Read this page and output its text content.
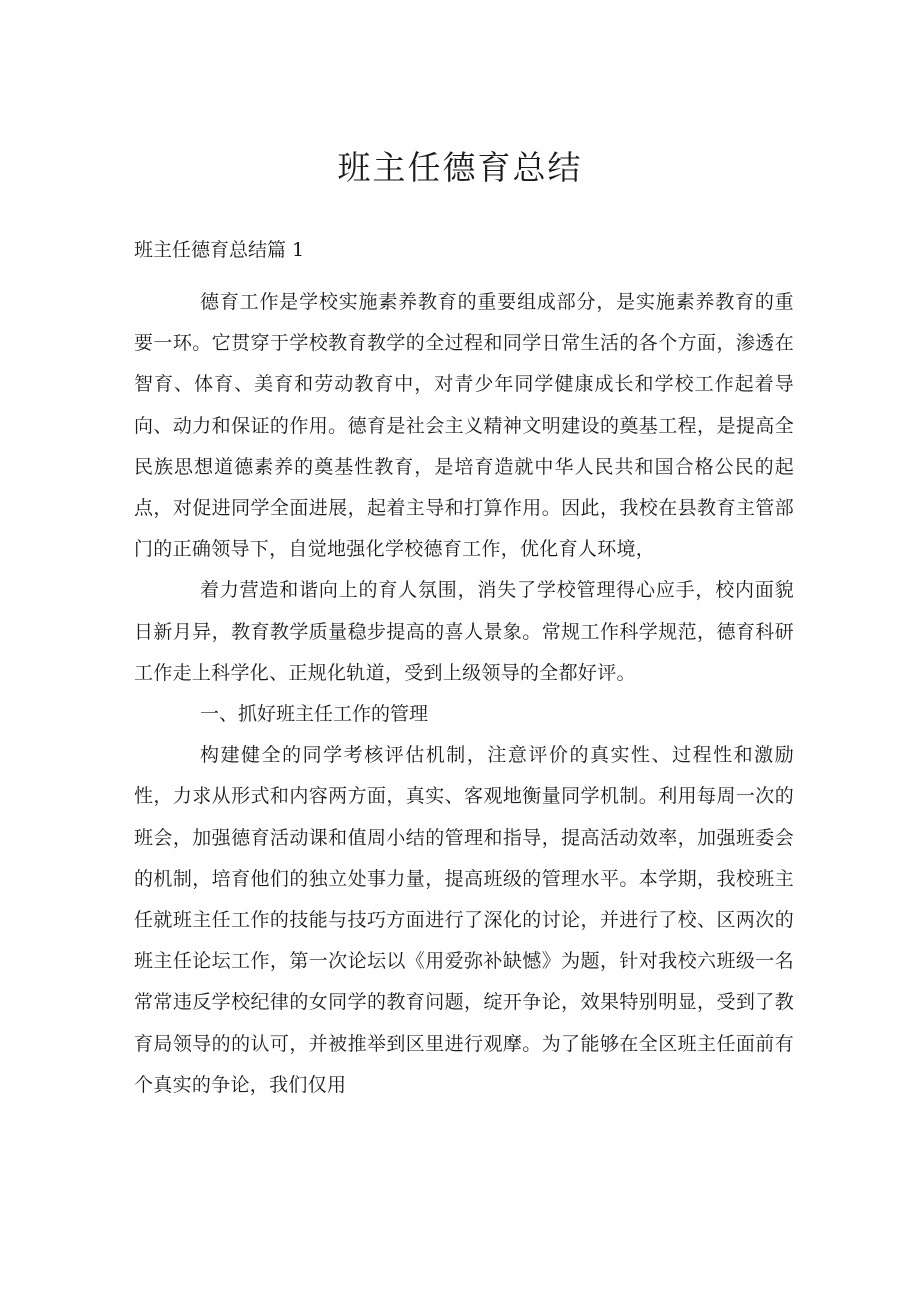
班主任德育总结
班主任德育总结篇 1

德育工作是学校实施素养教育的重要组成部分，是实施素养教育的重要一环。它贯穿于学校教育教学的全过程和同学日常生活的各个方面，渗透在智育、体育、美育和劳动教育中，对青少年同学健康成长和学校工作起着导向、动力和保证的作用。德育是社会主义精神文明建设的奠基工程，是提高全民族思想道德素养的奠基性教育，是培育造就中华人民共和国合格公民的起点，对促进同学全面进展，起着主导和打算作用。因此，我校在县教育主管部门的正确领导下，自觉地强化学校德育工作，优化育人环境，

着力营造和谐向上的育人氛围，消失了学校管理得心应手，校内面貌日新月异，教育教学质量稳步提高的喜人景象。常规工作科学规范，德育科研工作走上科学化、正规化轨道，受到上级领导的全都好评。

一、抓好班主任工作的管理

构建健全的同学考核评估机制，注意评价的真实性、过程性和激励性，力求从形式和内容两方面，真实、客观地衡量同学机制。利用每周一次的班会，加强德育活动课和值周小结的管理和指导，提高活动效率，加强班委会的机制，培育他们的独立处事力量，提高班级的管理水平。本学期，我校班主任就班主任工作的技能与技巧方面进行了深化的讨论，并进行了校、区两次的班主任论坛工作，第一次论坛以《用爱弥补缺憾》为题，针对我校六班级一名常常违反学校纪律的女同学的教育问题，绽开争论，效果特别明显，受到了教育局领导的的认可，并被推举到区里进行观摩。为了能够在全区班主任面前有个真实的争论，我们仅用
